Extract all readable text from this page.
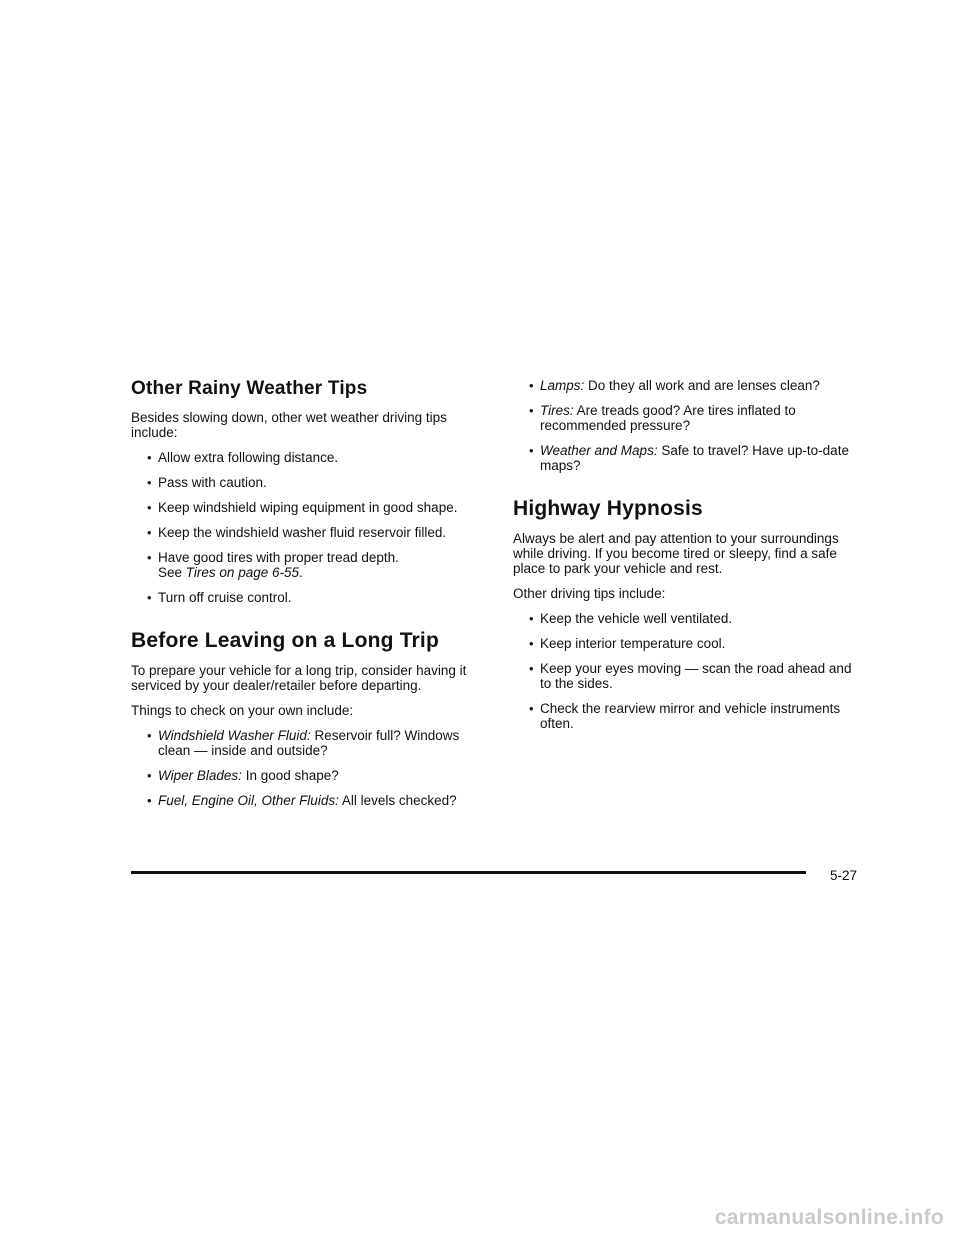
Other Rainy Weather Tips

Besides slowing down, other wet weather driving tips include:

• Allow extra following distance.
• Pass with caution.
• Keep windshield wiping equipment in good shape.
• Keep the windshield washer fluid reservoir filled.
• Have good tires with proper tread depth.
See Tires on page 6-55.
• Turn off cruise control.
Before Leaving on a Long Trip

To prepare your vehicle for a long trip, consider having it serviced by your dealer/retailer before departing.

Things to check on your own include:

• Windshield Washer Fluid: Reservoir full? Windows clean — inside and outside?
• Wiper Blades: In good shape?
• Fuel, Engine Oil, Other Fluids: All levels checked?
• Lamps: Do they all work and are lenses clean?
• Tires: Are treads good? Are tires inflated to recommended pressure?
• Weather and Maps: Safe to travel? Have up-to-date maps?
Highway Hypnosis

Always be alert and pay attention to your surroundings while driving. If you become tired or sleepy, find a safe place to park your vehicle and rest.

Other driving tips include:

• Keep the vehicle well ventilated.
• Keep interior temperature cool.
• Keep your eyes moving — scan the road ahead and to the sides.
• Check the rearview mirror and vehicle instruments often.
5-27
carmanualsonline.info
